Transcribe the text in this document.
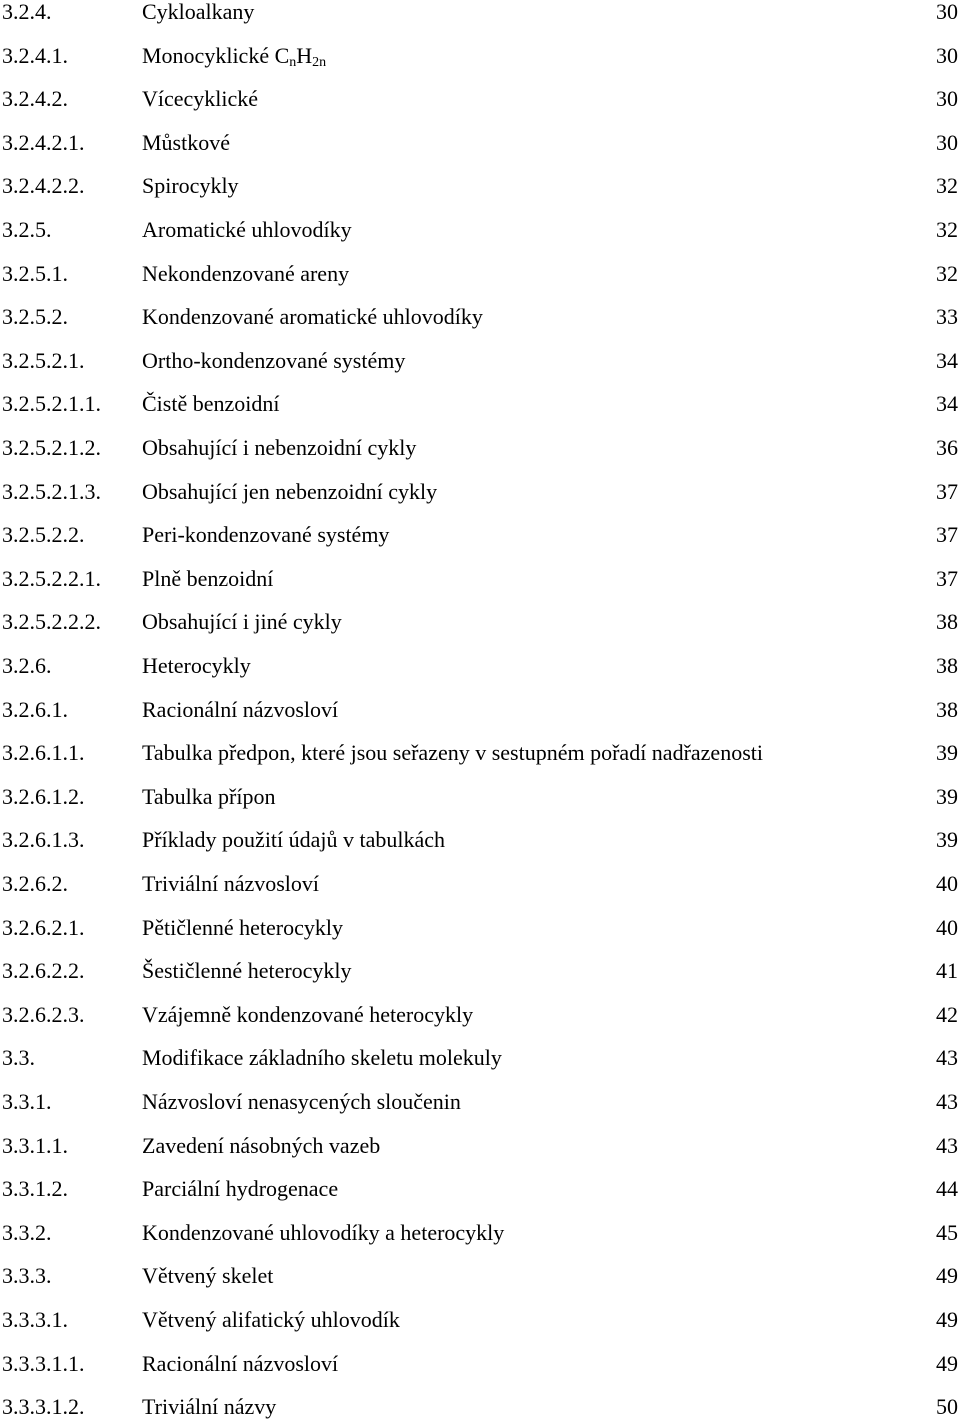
3.2.4.	Cykloalkany	30
3.2.4.1.	Monocyklické $C_nH_{2n}$	30
3.2.4.2.	Vícecyklické	30
3.2.4.2.1.	Můstkové	30
3.2.4.2.2.	Spirocykly	32
3.2.5.	Aromatické uhlovodíky	32
3.2.5.1.	Nekondenzované areny	32
3.2.5.2.	Kondenzované aromatické uhlovodíky	33
3.2.5.2.1.	Ortho-kondenzované systémy	34
3.2.5.2.1.1. Čistě benzoidní	34
3.2.5.2.1.2. Obsahující i nebenzoidní cykly	36
3.2.5.2.1.3. Obsahující jen nebenzoidní cykly	37
3.2.5.2.2.	Peri-kondenzované systémy	37
3.2.5.2.2.1. Plně benzoidní	37
3.2.5.2.2.2. Obsahující i jiné cykly	38
3.2.6.	Heterocykly	38
3.2.6.1.	Racionální názvosloví	38
3.2.6.1.1.	Tabulka předpon, které jsou seřazeny v sestupném pořadí nadřazenosti	39
3.2.6.1.2.	Tabulka přípon	39
3.2.6.1.3.	Příklady použití údajů v tabulkách	39
3.2.6.2.	Triviální názvosloví	40
3.2.6.2.1.	Pětičlenné heterocykly	40
3.2.6.2.2.	Šestičlenné heterocykly	41
3.2.6.2.3.	Vzájemně kondenzované heterocykly	42
3.3.	Modifikace základního skeletu molekuly	43
3.3.1.	Názvosloví nenasycených sloučenin	43
3.3.1.1.	Zavedení násobných vazeb	43
3.3.1.2.	Parciální hydrogenace	44
3.3.2.	Kondenzované uhlovodíky a heterocykly	45
3.3.3.	Větvený skelet	49
3.3.3.1.	Větvený alifatický uhlovodík	49
3.3.3.1.1.	Racionální názvosloví	49
3.3.3.1.2.	Triviální názvy	50
